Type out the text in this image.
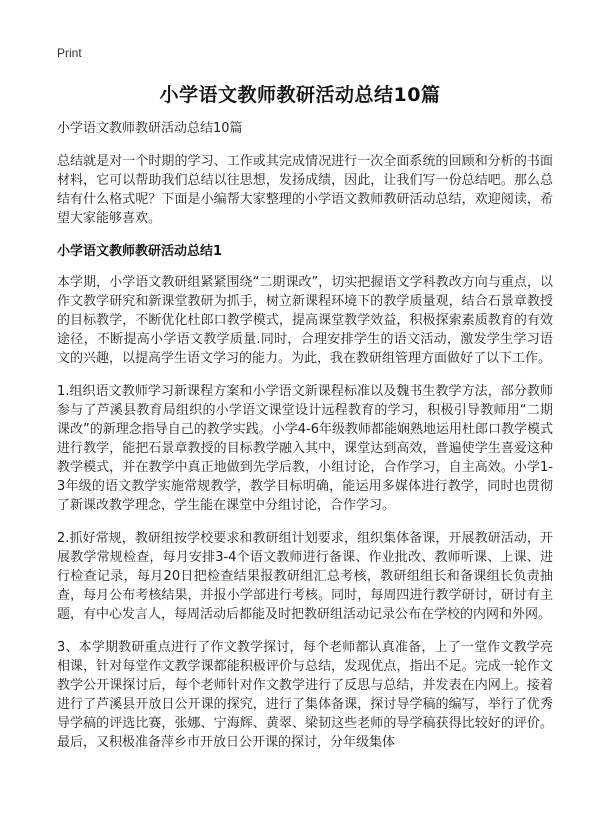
Print
小学语文教师教研活动总结10篇
小学语文教师教研活动总结10篇

总结就是对一个时期的学习、工作或其完成情况进行一次全面系统的回顾和分析的书面材料，它可以帮助我们总结以往思想，发扬成绩，因此，让我们写一份总结吧。那么总结有什么格式呢？下面是小编帮大家整理的小学语文教师教研活动总结，欢迎阅读，希望大家能够喜欢。

小学语文教师教研活动总结1

本学期，小学语文教研组紧紧围绕“二期课改”，切实把握语文学科教改方向与重点，以作文教学研究和新课堂教研为抓手，树立新课程环境下的教学质量观，结合石景章教授的目标教学，不断优化杜郎口教学模式，提高课堂教学效益，积极探索素质教育的有效途径，不断提高小学语文教学质量.同时，合理安排学生的语文活动，激发学生学习语文的兴趣，以提高学生语文学习的能力。为此，我在教研组管理方面做好了以下工作。

1.组织语文教师学习新课程方案和小学语文新课程标准以及魏书生教学方法，部分教师参与了芦溪县教育局组织的小学语文课堂设计远程教育的学习，积极引导教师用“二期课改”的新理念指导自己的教学实践。小学4-6年级教师都能娴熟地运用杜郎口教学模式进行教学，能把石景章教授的目标教学融入其中，课堂达到高效，普遍使学生喜爱这种教学模式，并在教学中真正地做到先学后教，小组讨论，合作学习，自主高效。小学1-3年级的语文教学实施常规教学，教学目标明确，能运用多媒体进行教学，同时也贯彻了新课改教学理念，学生能在课堂中分组讨论，合作学习。

2.抓好常规，教研组按学校要求和教研组计划要求，组织集体备课，开展教研活动，开展教学常规检查，每月安排3-4个语文教师进行备课、作业批改、教师听课、上课、进行检查记录，每月20日把检查结果报教研组汇总考核，教研组组长和备课组长负责抽查，每月公布考核结果，并报小学部进行考核。同时，每周四进行教学研讨，研讨有主题，有中心发言人，每周活动后都能及时把教研组活动记录公布在学校的内网和外网。

3、本学期教研重点进行了作文教学探讨，每个老师都认真准备，上了一堂作文教学亮相课，针对每堂作文教学课都能积极评价与总结，发现优点，指出不足。完成一轮作文教学公开课探讨后，每个老师针对作文教学进行了反思与总结，并发表在内网上。接着进行了芦溪县开放日公开课的探究，进行了集体备课，探讨导学稿的编写，举行了优秀导学稿的评选比赛，张娜、宁海辉、黄翠、梁韧这些老师的导学稿获得比较好的评价。最后，又积极准备萍乡市开放日公开课的探讨，分年级集体
